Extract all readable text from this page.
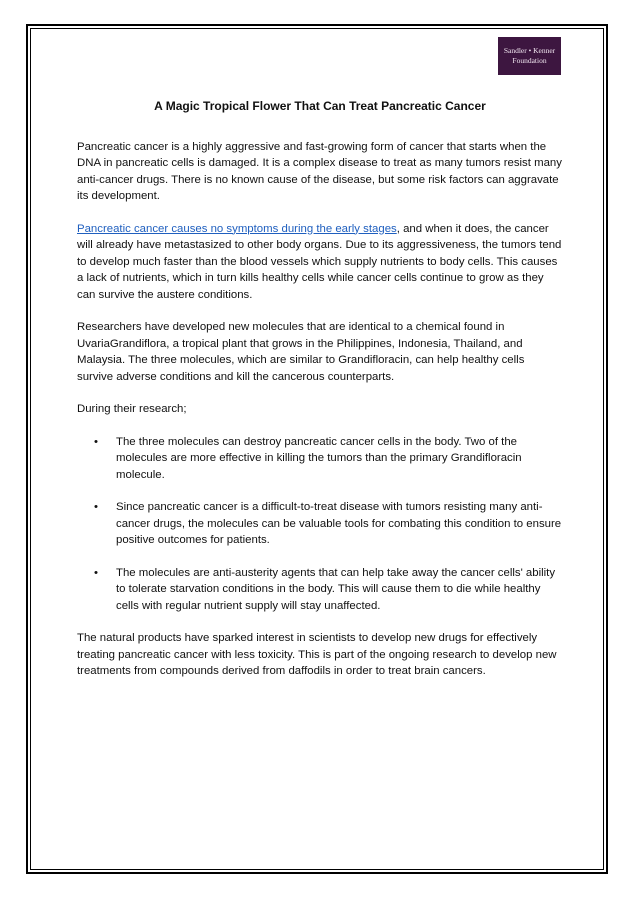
Sandler • Kenner
Foundation
A Magic Tropical Flower That Can Treat Pancreatic Cancer

Pancreatic cancer is a highly aggressive and fast-growing form of cancer that starts when the DNA in pancreatic cells is damaged. It is a complex disease to treat as many tumors resist many anti-cancer drugs. There is no known cause of the disease, but some risk factors can aggravate its development.

Pancreatic cancer causes no symptoms during the early stages, and when it does, the cancer will already have metastasized to other body organs. Due to its aggressiveness, the tumors tend to develop much faster than the blood vessels which supply nutrients to body cells. This causes a lack of nutrients, which in turn kills healthy cells while cancer cells continue to grow as they can survive the austere conditions.

Researchers have developed new molecules that are identical to a chemical found in UvariaGrandiflora, a tropical plant that grows in the Philippines, Indonesia, Thailand, and Malaysia. The three molecules, which are similar to Grandifloracin, can help healthy cells survive adverse conditions and kill the cancerous counterparts.

During their research;

• The three molecules can destroy pancreatic cancer cells in the body. Two of the molecules are more effective in killing the tumors than the primary Grandifloracin molecule.
• Since pancreatic cancer is a difficult-to-treat disease with tumors resisting many anti-cancer drugs, the molecules can be valuable tools for combating this condition to ensure positive outcomes for patients.
• The molecules are anti-austerity agents that can help take away the cancer cells' ability to tolerate starvation conditions in the body. This will cause them to die while healthy cells with regular nutrient supply will stay unaffected.

The natural products have sparked interest in scientists to develop new drugs for effectively treating pancreatic cancer with less toxicity. This is part of the ongoing research to develop new treatments from compounds derived from daffodils in order to treat brain cancers.
